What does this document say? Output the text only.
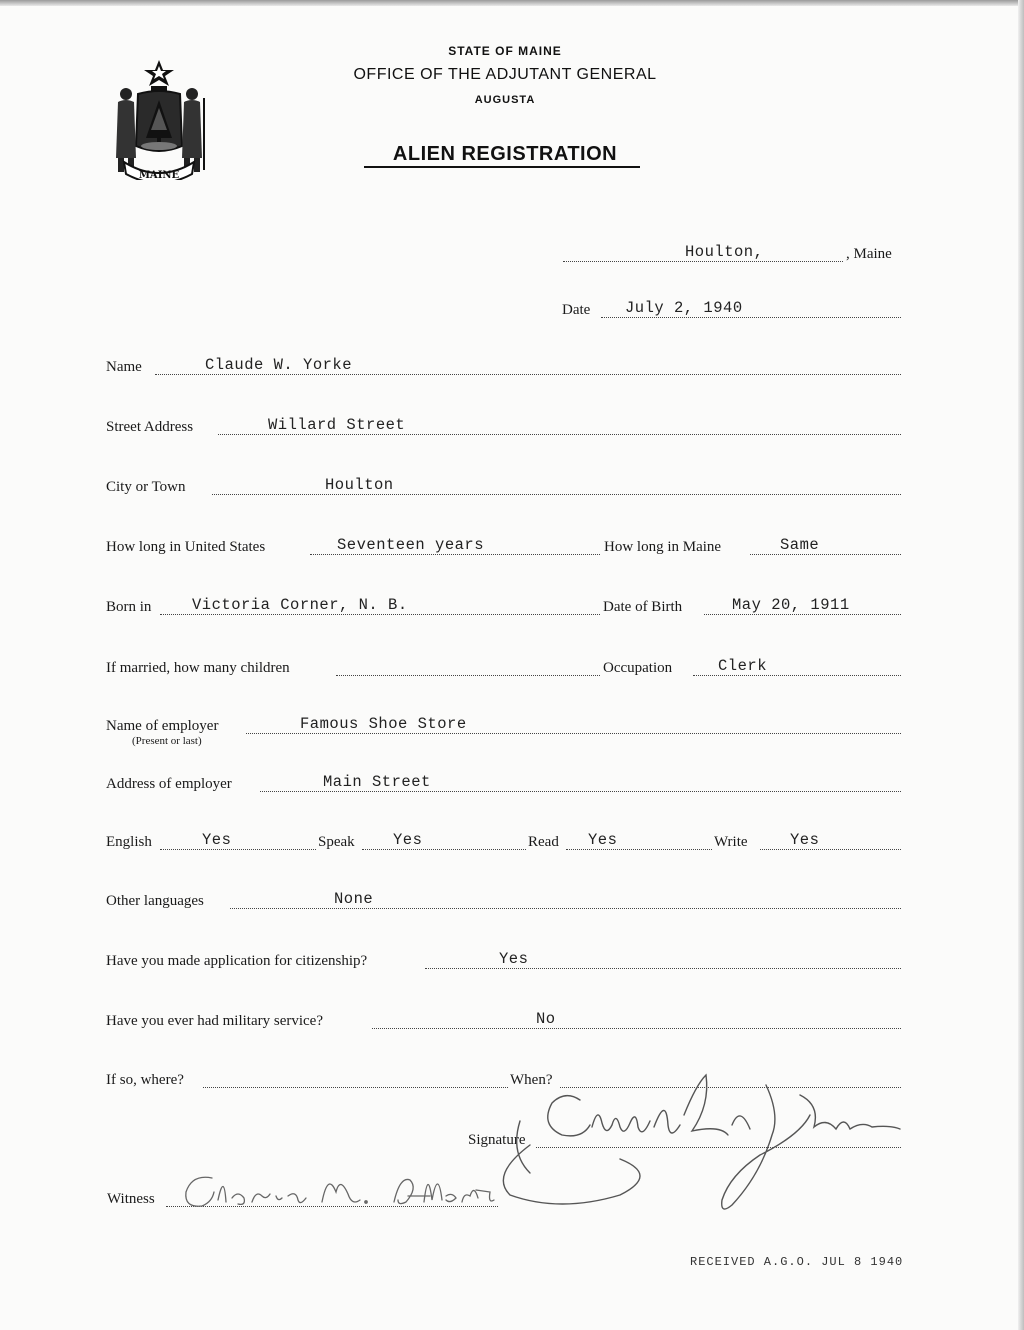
MAINE
STATE OF MAINE
OFFICE OF THE ADJUTANT GENERAL
AUGUSTA
ALIEN REGISTRATION
Houlton,	, Maine
Date July 2, 1940
Name	Claude W. Yorke
Street Address	Willard Street
City or Town	Houlton
How long in United States	Seventeen years	How long in Maine	Same
Born in	Victoria Corner, N. B.	Date of Birth	May 20, 1911
If married, how many children	Occupation	Clerk
Name of employer	Famous Shoe Store
(Present or last)
Address of employer	Main Street
English	Yes	Speak Yes	Read Yes	Write	Yes
Other languages	None
Have you made application for citizenship?	Yes
Have you ever had military service?	No
If so, where?	When?
Signature
Witness
RECEIVED A.G.O. JUL 8 1940
